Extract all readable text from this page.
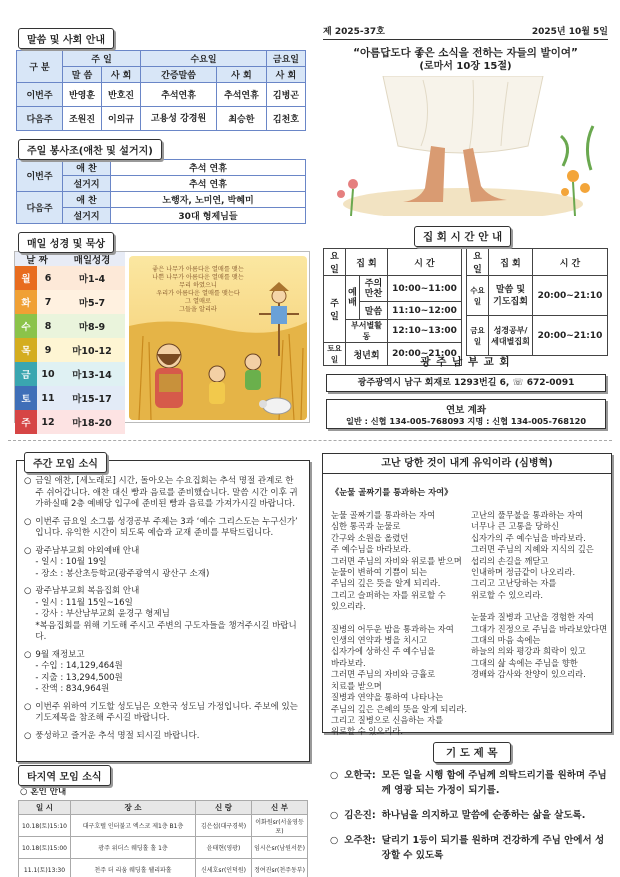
말씀 및 사회 안내
구 분	주 일		수요일		금요일
	말 씀	사 회	간증말씀	사 회	사 회
이번주	반영훈	반호진	추석연휴	추석연휴	김병곤
다음주	조원진	이의규	고용성 강경원	최승한	김천호
주일 봉사조(애찬 및 설거지)
이번주	애 찬	추석 연휴
	설거지	추석 연휴
다음주	애 찬	노행자, 노미연, 박혜미
	설거지	30대 형제님들
매일 성경 및 묵상
날 짜		매일성경
월	6	마1-4
화	7	마5-7
수	8	마8-9
목	9	마10-12
금	10	마13-14
토	11	마15-17
주	12	마18-20
좋은 나무가 아름다운 열매를 맺는
나쁜 나무가 아름다운 열매를 맺는
무리 하였으니
우리가 아름다운 열매를 맺는다
그 열매로
그들을 알리라
제 2025-37호	2025년 10월 5일
“아름답도다 좋은 소식을 전하는 자들의 발이여”
(로마서 10장 15절)
집 회 시 간 안 내
요일	집 회		시 간
주일	예배	주의 만찬	10:00~11:00
		말씀	11:10~12:00
	부서별활동		12:10~13:00
토요일	청년회		20:00~21:00
요일	집 회	시 간
수요일	말씀 및 기도집회	20:00~21:10
금요일	성경공부/ 세대별집회	20:00~21:10
광 주 남 부 교 회
광주광역시 남구 회재로 1293번길 6, ☏ 672-0091
연보 계좌
일반 : 신협 134-005-768093 지명 : 신협 134-005-768120
주간 모임 소식
○ 금일 애찬, [세노래로] 시간, 돌아오는 수요집회는 추석 명절 관계로 한 주 쉬어갑니다. 애찬 대신 빵과 음료를 준비했습니다. 말씀 시간 이후 귀가하실때 2층 예배당 입구에 준비된 빵과 음료를 가져가시길 바랍니다.
○ 이번주 금요일 소그룹 성경공부 주제는 3과 ‘예수 그리스도는 누구신가’ 입니다. 유익한 시간이 되도록 예습과 교재 준비를 부탁드립니다.
○ 광주남부교회 야외예배 안내
- 일시 : 10월 19일
- 장소 : 봉산초등학교(광주광역시 광산구 소재)
○ 광주남부교회 복음집회 안내
- 일시 : 11월 15일~16일
- 강사 : 부산남부교회 윤경구 형제님
*복음집회를 위해 기도해 주시고 주변의 구도자들을 챙겨주시길 바랍니다.
○ 9월 재정보고
- 수입 : 14,129,464원
- 지출 : 13,294,500원
- 잔액 : 834,964원
○ 이번주 위하여 기도할 성도님은 오한국 성도님 가정입니다. 주보에 있는 기도제목을 참조해 주시길 바랍니다.
○ 풍성하고 즐거운 추석 명절 되시길 바랍니다.
타지역 모임 소식
○ 혼인 안내
일 시	장 소	신 랑	신 부
10.18(토)15:10	대구호텔 인터불고 엑스코 제1층 B1층	김은섭(대구경북)	이화원sr(서울영등포)
10.18(토)15:00	광주 위더스 웨딩홀 홀 1층	윤태현(영광)	임시은sr(남원서문)
11.1(토)13:30	천주 더 리움 웨딩홀 웰리파홀	신세호sr(인덕원)	정여진sr(천주동부)
고난 당한 것이 내게 유익이라 (심병혁)
《눈물 골짜기를 통과하는 자여》
눈물 골짜기를 통과하는 자여
심한 통곡과 눈물로
간구와 소원을 올렸던
주 예수님을 바라보라.
그러면 주님의 자비와 위로를 받으며
눈물이 변하여 기쁨이 되는
주님의 깊은 뜻을 알게 되리라.
그리고 슬퍼하는 자를 위로할 수
있으리라.
질병의 어두운 밤을 통과하는 자여
인생의 연약과 병을 치시고
십자가에 상하신 주 예수님을
바라보라.
그러면 주님의 자비와 긍휼로
치료를 받으며
질병과 연약을 통하여 나타나는
주님의 깊은 은혜의 뜻을 알게 되리라.
그리고 질병으로 신음하는 자를
위로할 수 있으리라.
고난의 풀무불을 통과하는 자여
너무나 큰 고통을 당하신
십자가의 주 예수님을 바라보라.
그러면 주님의 지혜와 지식의 깊은
섭리의 손길을 깨닫고
인내하며 정금같이 나오리라.
그리고 고난당하는 자를
위로할 수 있으리라.
눈물과 질병과 고난을 경험한 자여
그대가 진정으로 주님을 바라보았다면
그대의 마음 속에는
하늘의 의와 평강과 희락이 있고
그대의 삶 속에는 주님을 향한
경배와 감사와 찬양이 있으리라.
기 도 제 목
○ 오한국: 모든 일을 시행 함에 주님께 의탁드리기를 원하며 주님께 영광 되는 가정이 되기를.
○ 김은진: 하나님을 의지하고 말씀에 순종하는 삶을 살도록.
○ 오주찬: 달리기 1등이 되기를 원하며 건강하게 주님 안에서 성장할 수 있도록
